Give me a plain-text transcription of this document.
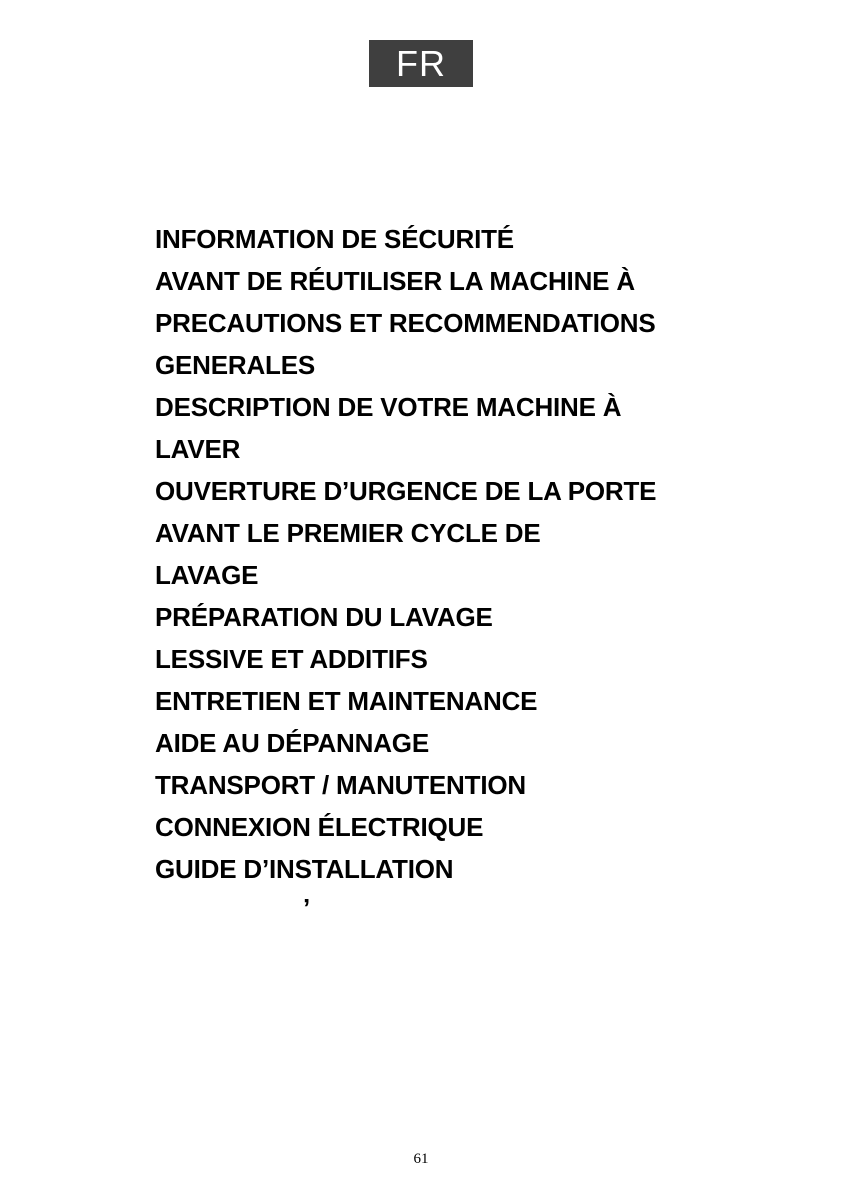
FR
INFORMATION DE SÉCURITÉ
AVANT DE RÉUTILISER LA MACHINE À
PRECAUTIONS ET RECOMMENDATIONS
GENERALES
DESCRIPTION DE VOTRE MACHINE À
LAVER
OUVERTURE D’URGENCE DE LA PORTE
AVANT LE PREMIER CYCLE DE
LAVAGE
PRÉPARATION DU LAVAGE
LESSIVE ET ADDITIFS
ENTRETIEN ET MAINTENANCE
AIDE AU DÉPANNAGE
TRANSPORT / MANUTENTION
CONNEXION ÉLECTRIQUE
GUIDE D’INSTALLATION
’
61
